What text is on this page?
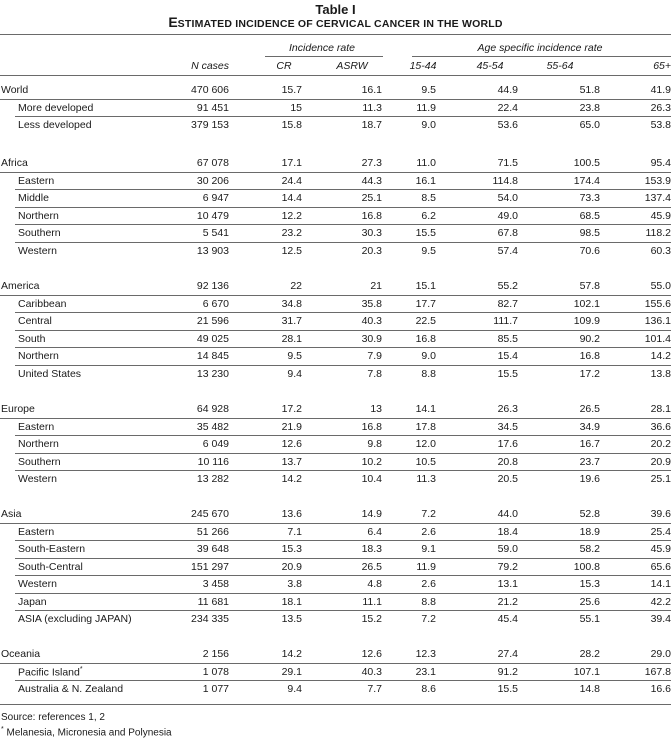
Table I
ESTIMATED INCIDENCE OF CERVICAL CANCER IN THE WORLD
Incidence rate	Age specific incidence rate
N cases	CR	ASRW	15-44	45-54	55-64	65+
World	470 606	15.7	16.1	9.5	44.9	51.8	41.9
More developed	91 451	15	11.3	11.9	22.4	23.8	26.3
Less developed	379 153	15.8	18.7	9.0	53.6	65.0	53.8
Africa	67 078	17.1	27.3	11.0	71.5	100.5	95.4
Eastern	30 206	24.4	44.3	16.1	114.8	174.4	153.9
Middle	6 947	14.4	25.1	8.5	54.0	73.3	137.4
Northern	10 479	12.2	16.8	6.2	49.0	68.5	45.9
Southern	5 541	23.2	30.3	15.5	67.8	98.5	118.2
Western	13 903	12.5	20.3	9.5	57.4	70.6	60.3
America	92 136	22	21	15.1	55.2	57.8	55.0
Caribbean	6 670	34.8	35.8	17.7	82.7	102.1	155.6
Central	21 596	31.7	40.3	22.5	111.7	109.9	136.1
South	49 025	28.1	30.9	16.8	85.5	90.2	101.4
Northern	14 845	9.5	7.9	9.0	15.4	16.8	14.2
United States	13 230	9.4	7.8	8.8	15.5	17.2	13.8
Europe	64 928	17.2	13	14.1	26.3	26.5	28.1
Eastern	35 482	21.9	16.8	17.8	34.5	34.9	36.6
Northern	6 049	12.6	9.8	12.0	17.6	16.7	20.2
Southern	10 116	13.7	10.2	10.5	20.8	23.7	20.9
Western	13 282	14.2	10.4	11.3	20.5	19.6	25.1
Asia	245 670	13.6	14.9	7.2	44.0	52.8	39.6
Eastern	51 266	7.1	6.4	2.6	18.4	18.9	25.4
South-Eastern	39 648	15.3	18.3	9.1	59.0	58.2	45.9
South-Central	151 297	20.9	26.5	11.9	79.2	100.8	65.6
Western	3 458	3.8	4.8	2.6	13.1	15.3	14.1
Japan	11 681	18.1	11.1	8.8	21.2	25.6	42.2
ASIA (excluding JAPAN)	234 335	13.5	15.2	7.2	45.4	55.1	39.4
Oceania	2 156	14.2	12.6	12.3	27.4	28.2	29.0
Pacific Island*	1 078	29.1	40.3	23.1	91.2	107.1	167.8
Australia & N. Zealand	1 077	9.4	7.7	8.6	15.5	14.8	16.6
Source: references 1, 2
* Melanesia, Micronesia and Polynesia
